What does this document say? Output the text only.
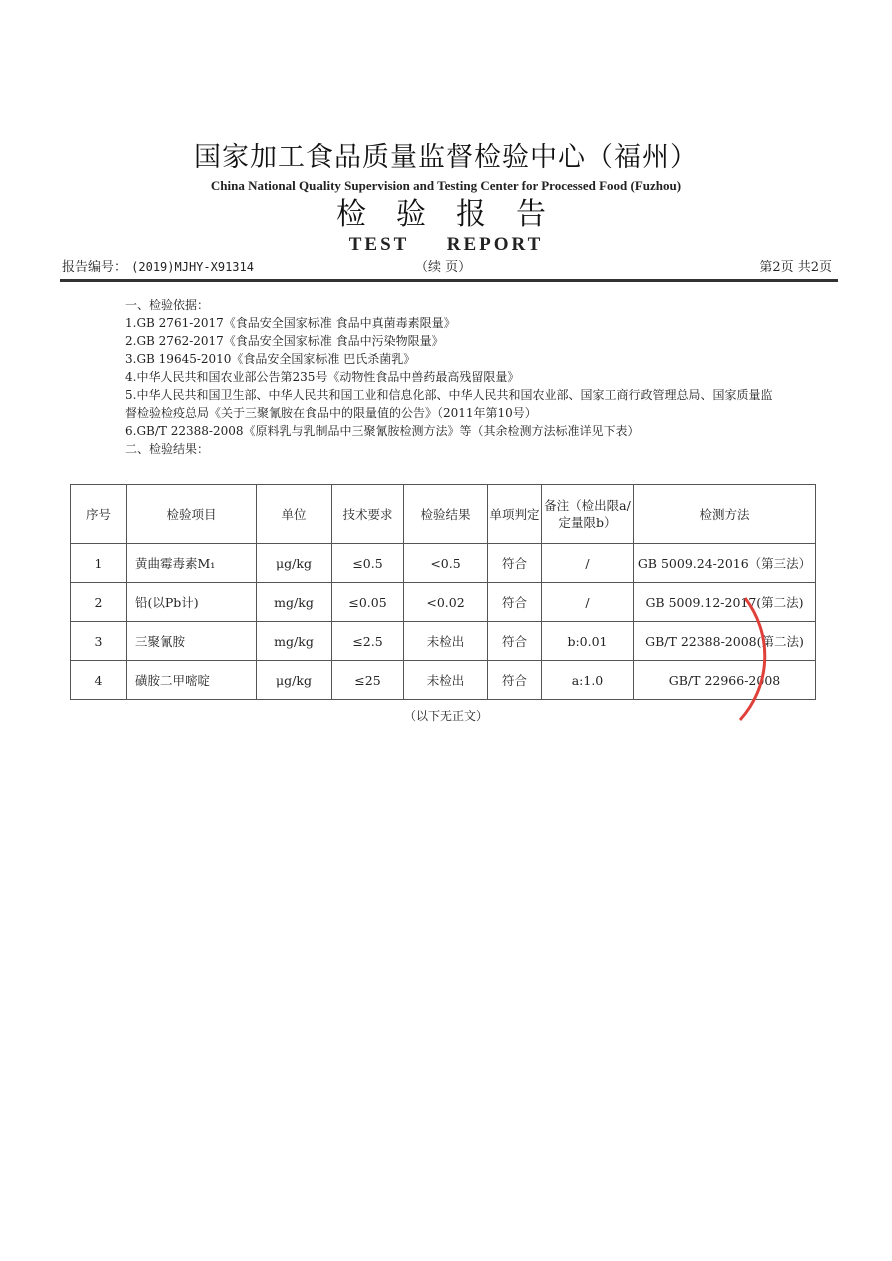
国家加工食品质量监督检验中心（福州）
China National Quality Supervision and Testing Center for Processed Food (Fuzhou)
检验报告
TEST REPORT
报告编号： (2019)MJHY-X91314	（续 页）	第2页 共2页
一、检验依据：
1.GB 2761-2017《食品安全国家标准 食品中真菌毒素限量》
2.GB 2762-2017《食品安全国家标准 食品中污染物限量》
3.GB 19645-2010《食品安全国家标准 巴氏杀菌乳》
4.中华人民共和国农业部公告第235号《动物性食品中兽药最高残留限量》
5.中华人民共和国卫生部、中华人民共和国工业和信息化部、中华人民共和国农业部、国家工商行政管理总局、国家质量监督检验检疫总局《关于三聚氰胺在食品中的限量值的公告》（2011年第10号）
6.GB/T 22388-2008《原料乳与乳制品中三聚氰胺检测方法》等（其余检测方法标准详见下表）
二、检验结果：
序号	检验项目	单位	技术要求	检验结果	单项判定	备注（检出限a/定量限b）	检测方法
1	黄曲霉毒素M₁	μg/kg	≤0.5	<0.5	符合	/	GB 5009.24-2016（第三法）
2	铅(以Pb计)	mg/kg	≤0.05	<0.02	符合	/	GB 5009.12-2017(第二法)
3	三聚氰胺	mg/kg	≤2.5	未检出	符合	b:0.01	GB/T 22388-2008(第二法)
4	磺胺二甲嘧啶	μg/kg	≤25	未检出	符合	a:1.0	GB/T 22966-2008
（以下无正文）
